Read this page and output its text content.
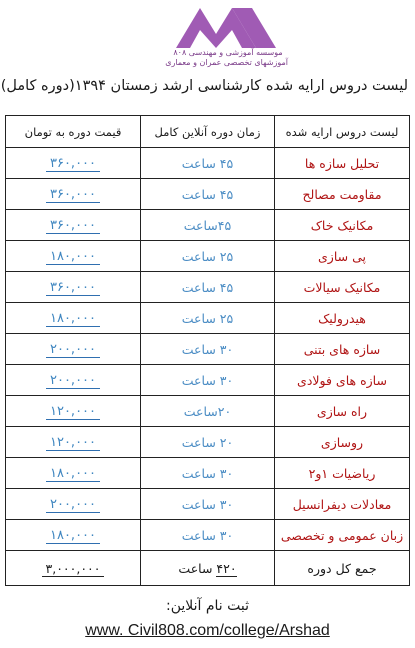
موسسه آموزشی و مهندسی ۸۰۸
آموزشهای تخصصی عمران و معماری
لیست دروس ارایه شده کارشناسی ارشد زمستان ۱۳۹۴(دوره کامل)
لیست دروس ارایه شده	زمان دوره آنلاین کامل	قیمت دوره به تومان
تحلیل سازه ها	۴۵ ساعت	۳۶۰,۰۰۰
مقاومت مصالح	۴۵ ساعت	۳۶۰,۰۰۰
مکانیک خاک	۴۵ساعت	۳۶۰,۰۰۰
پی سازی	۲۵ ساعت	۱۸۰,۰۰۰
مکانیک سیالات	۴۵ ساعت	۳۶۰,۰۰۰
هیدرولیک	۲۵ ساعت	۱۸۰,۰۰۰
سازه های بتنی	۳۰ ساعت	۲۰۰,۰۰۰
سازه های فولادی	۳۰ ساعت	۲۰۰,۰۰۰
راه سازی	۲۰ساعت	۱۲۰,۰۰۰
روسازی	۲۰ ساعت	۱۲۰,۰۰۰
ریاضیات ۱و۲	۳۰ ساعت	۱۸۰,۰۰۰
معادلات دیفرانسیل	۳۰ ساعت	۲۰۰,۰۰۰
زبان عمومی و تخصصی	۳۰ ساعت	۱۸۰,۰۰۰
جمع کل دوره	۴۲۰ ساعت	۳,۰۰۰,۰۰۰
ثبت نام آنلاین:
www. Civil808.com/college/Arshad
